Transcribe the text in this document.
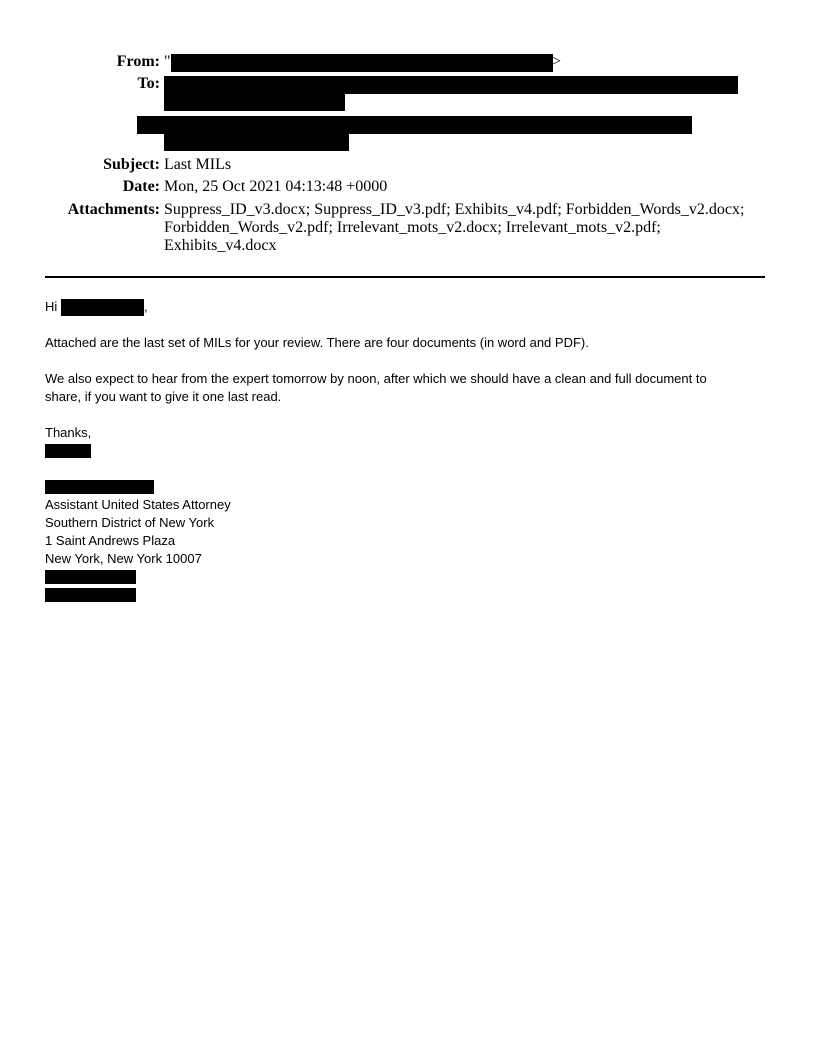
From: "	>
To:
Subject: Last MILs
Date: Mon, 25 Oct 2021 04:13:48 +0000
Attachments: Suppress_ID_v3.docx; Suppress_ID_v3.pdf; Exhibits_v4.pdf; Forbidden_Words_v2.docx;
Forbidden_Words_v2.pdf; Irrelevant_mots_v2.docx; Irrelevant_mots_v2.pdf;
Exhibits_v4.docx
Hi	,
Attached are the last set of MILs for your review. There are four documents (in word and PDF).
We also expect to hear from the expert tomorrow by noon, after which we should have a clean and full document to
share, if you want to give it one last read.
Thanks,
Assistant United States Attorney
Southern District of New York
1 Saint Andrews Plaza
New York, New York 10007
